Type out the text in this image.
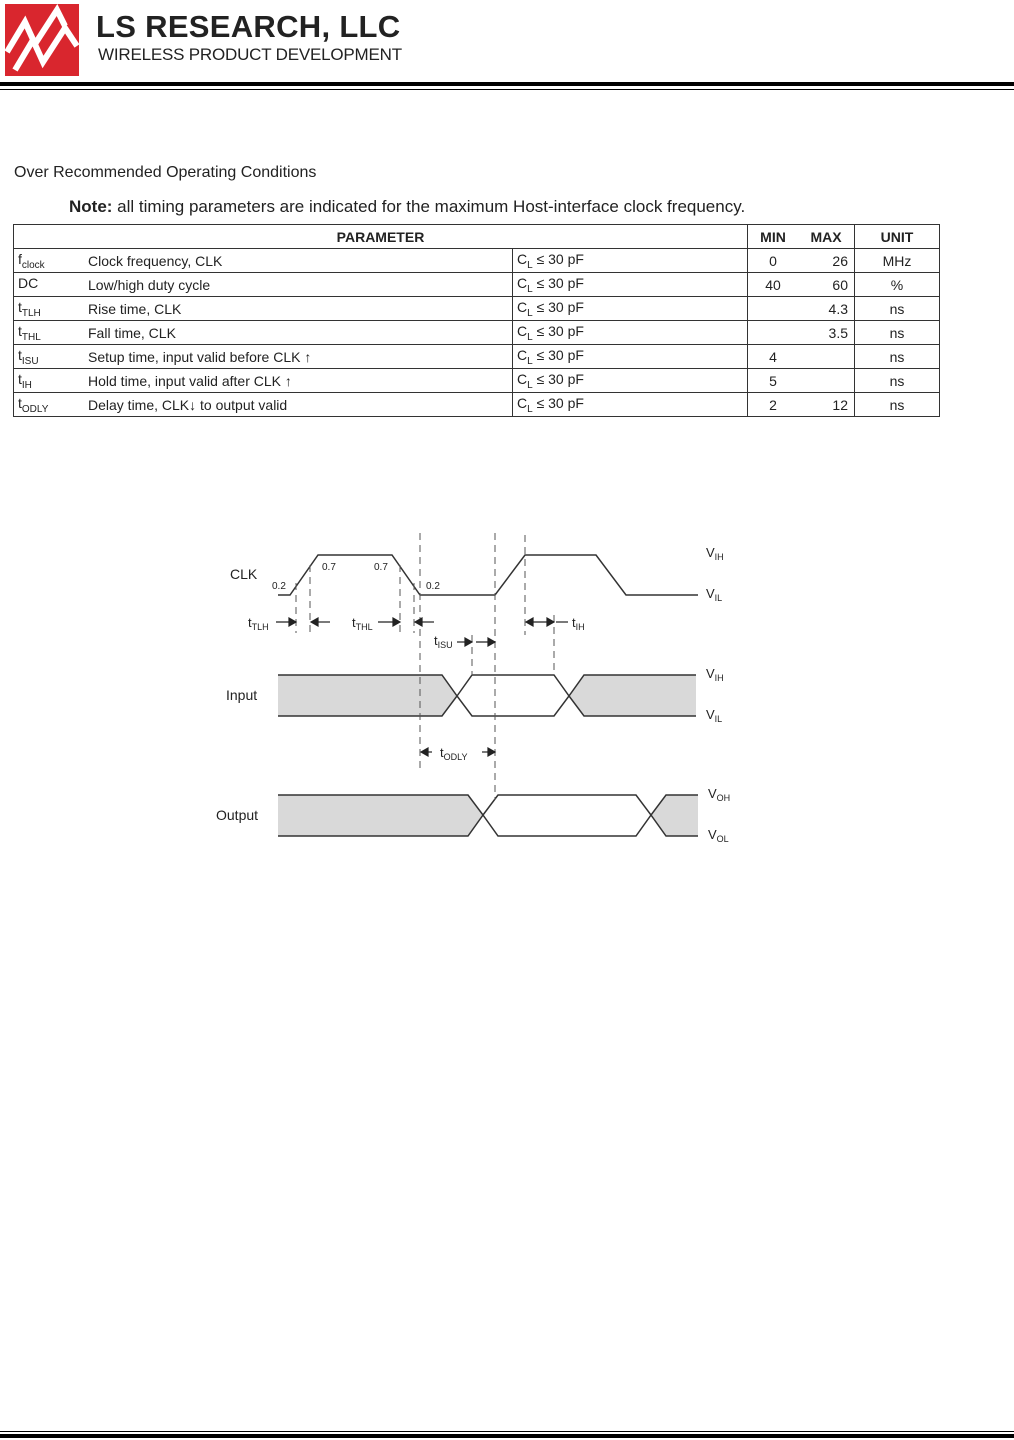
LS RESEARCH, LLC
WIRELESS PRODUCT DEVELOPMENT
Over Recommended Operating Conditions
Note: all timing parameters are indicated for the maximum Host-interface clock frequency.
PARAMETER			MIN	MAX	UNIT
$f_{clock}$	Clock frequency, CLK	$C_L \le 30$ pF	0	26	MHz
DC	Low/high duty cycle	$C_L \le 30$ pF	40	60	%
$t_{TLH}$	Rise time, CLK	$C_L \le 30$ pF		4.3	ns
$t_{THL}$	Fall time, CLK	$C_L \le 30$ pF		3.5	ns
$t_{ISU}$	Setup time, input valid before CLK ↑	$C_L \le 30$ pF	4		ns
$t_{IH}$	Hold time, input valid after CLK ↑	$C_L \le 30$ pF	5		ns
$t_{ODLY}$	Delay time, CLK↓ to output valid	$C_L \le 30$ pF	2	12	ns
CLK
Input
Output
0.2
0.7	0.7
0.2
$t_{TLH}$	$t_{THL}$
$t_{ISU}$
$t_{IH}$
$t_{ODLY}$
$V_{IH}$
$V_{IL}$
$V_{IH}$
$V_{IL}$
$V_{OH}$
$V_{OL}$
